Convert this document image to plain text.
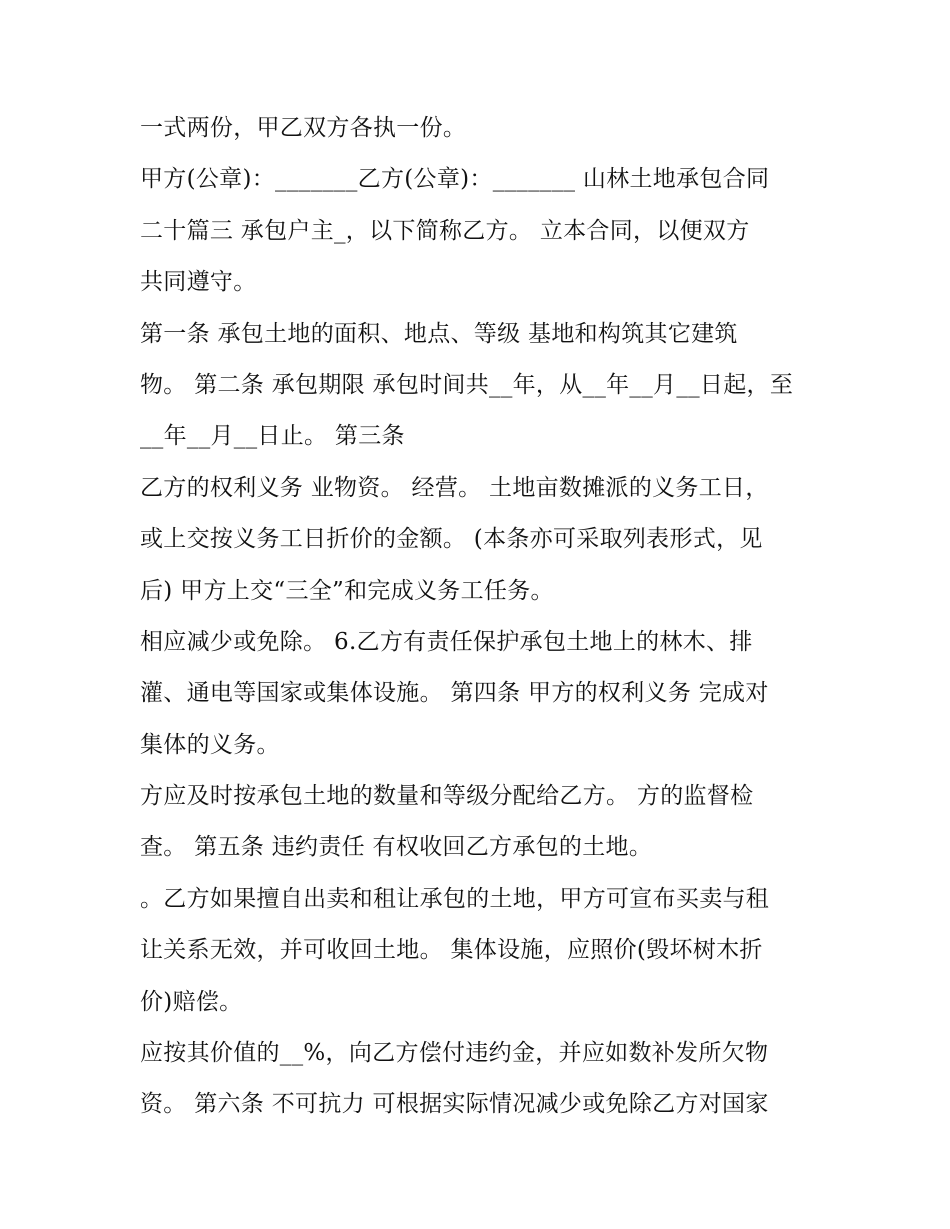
一式两份，甲乙双方各执一份。
甲方(公章)：_______乙方(公章)：_______ 山林土地承包合同
二十篇三 承包户主_，以下简称乙方。 立本合同，以便双方
共同遵守。
第一条 承包土地的面积、地点、等级 基地和构筑其它建筑
物。 第二条 承包期限 承包时间共__年，从__年__月__日起，至
__年__月__日止。 第三条
乙方的权利义务 业物资。 经营。 土地亩数摊派的义务工日，
或上交按义务工日折价的金额。 (本条亦可采取列表形式，见
后) 甲方上交“三全”和完成义务工任务。
相应减少或免除。 6.乙方有责任保护承包土地上的林木、排
灌、通电等国家或集体设施。 第四条 甲方的权利义务 完成对
集体的义务。
方应及时按承包土地的数量和等级分配给乙方。 方的监督检
查。 第五条 违约责任 有权收回乙方承包的土地。
。乙方如果擅自出卖和租让承包的土地，甲方可宣布买卖与租
让关系无效，并可收回土地。 集体设施，应照价(毁坏树木折
价)赔偿。
应按其价值的__%，向乙方偿付违约金，并应如数补发所欠物
资。 第六条 不可抗力 可根据实际情况减少或免除乙方对国家
